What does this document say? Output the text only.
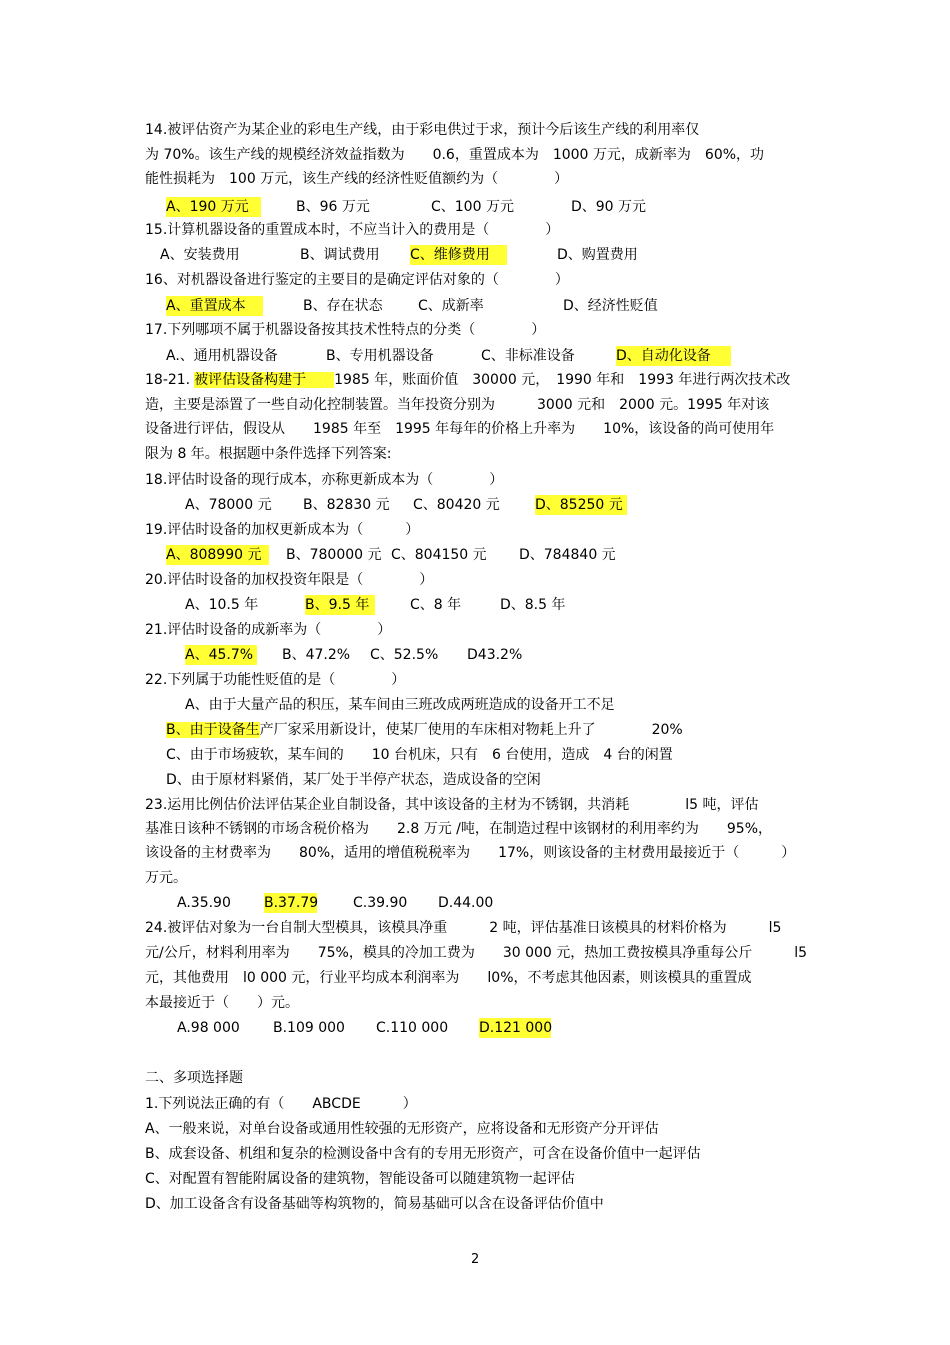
14.被评估资产为某企业的彩电生产线，由于彩电供过于求，预计今后该生产线的利用率仅
为 70%。该生产线的规模经济效益指数为　　0.6，重置成本为　1000 万元，成新率为　60%，功
能性损耗为　100 万元，该生产线的经济性贬值额约为（　　　　）
A、190 万元	B、96 万元	C、100 万元	D、90 万元
15.计算机器设备的重置成本时，不应当计入的费用是（　　　　）
A、安装费用	B、调试费用 C、维修费用	D、购置费用
16、对机器设备进行鉴定的主要目的是确定评估对象的（　　　　）
A、重置成本	B、存在状态	C、成新率	D、经济性贬值
17.下列哪项不属于机器设备按其技术性特点的分类（　　　　）
A.、通用机器设备	B、专用机器设备	C、非标准设备	D、自动化设备
18-21. 被评估设备构建于 1985 年，账面价值　30000 元，　1990 年和　1993 年进行两次技术改
造，主要是添置了一些自动化控制装置。当年投资分别为　　　3000 元和　2000 元。1995 年对该
设备进行评估，假设从　　1985 年至　1995 年每年的价格上升率为　　10%，该设备的尚可使用年
限为 8 年。根据题中条件选择下列答案:
18.评估时设备的现行成本，亦称更新成本为（　　　　）
A、78000 元 B、82830 元 C、80420 元	D、85250 元
19.评估时设备的加权更新成本为（　　　）
A、808990 元 B、780000 元 C、804150 元 D、784840 元
20.评估时设备的加权投资年限是（　　　　）
A、10.5 年	B、9.5 年	C、8 年	D、8.5 年
21.评估时设备的成新率为（　　　　）
A、45.7% B、47.2% C、52.5% D43.2%
22.下列属于功能性贬值的是（　　　　）
A、由于大量产品的积压，某车间由三班改成两班造成的设备开工不足
B、由于设备生产厂家采用新设计，使某厂使用的车床相对物耗上升了　　　　20%
C、由于市场疲软，某车间的　　10 台机床，只有　6 台使用，造成　4 台的闲置
D、由于原材料紧俏，某厂处于半停产状态，造成设备的空闲
23.运用比例估价法评估某企业自制设备，其中该设备的主材为不锈钢，共消耗　　　　l5 吨，评估
基准日该种不锈钢的市场含税价格为　　2.8 万元 /吨，在制造过程中该钢材的利用率约为　　95%，
该设备的主材费率为　　80%，适用的增值税税率为　　17%，则该设备的主材费用最接近于（　　　）
万元。
A.35.90 B.37.79 C.39.90 D.44.00
24.被评估对象为一台自制大型模具，该模具净重　　　2 吨，评估基准日该模具的材料价格为　　　l5
元/公斤，材料利用率为　　75%，模具的冷加工费为　　30 000 元，热加工费按模具净重每公斤　　　l5
元，其他费用　l0 000 元，行业平均成本利润率为　　l0%，不考虑其他因素，则该模具的重置成
本最接近于（　　）元。
A.98 000 B.109 000 C.110 000 D.121 000
二、多项选择题
1.下列说法正确的有（　　ABCDE　　　）
A、一般来说，对单台设备或通用性较强的无形资产，应将设备和无形资产分开评估
B、成套设备、机组和复杂的检测设备中含有的专用无形资产，可含在设备价值中一起评估
C、对配置有智能附属设备的建筑物，智能设备可以随建筑物一起评估
D、加工设备含有设备基础等构筑物的，简易基础可以含在设备评估价值中
2
